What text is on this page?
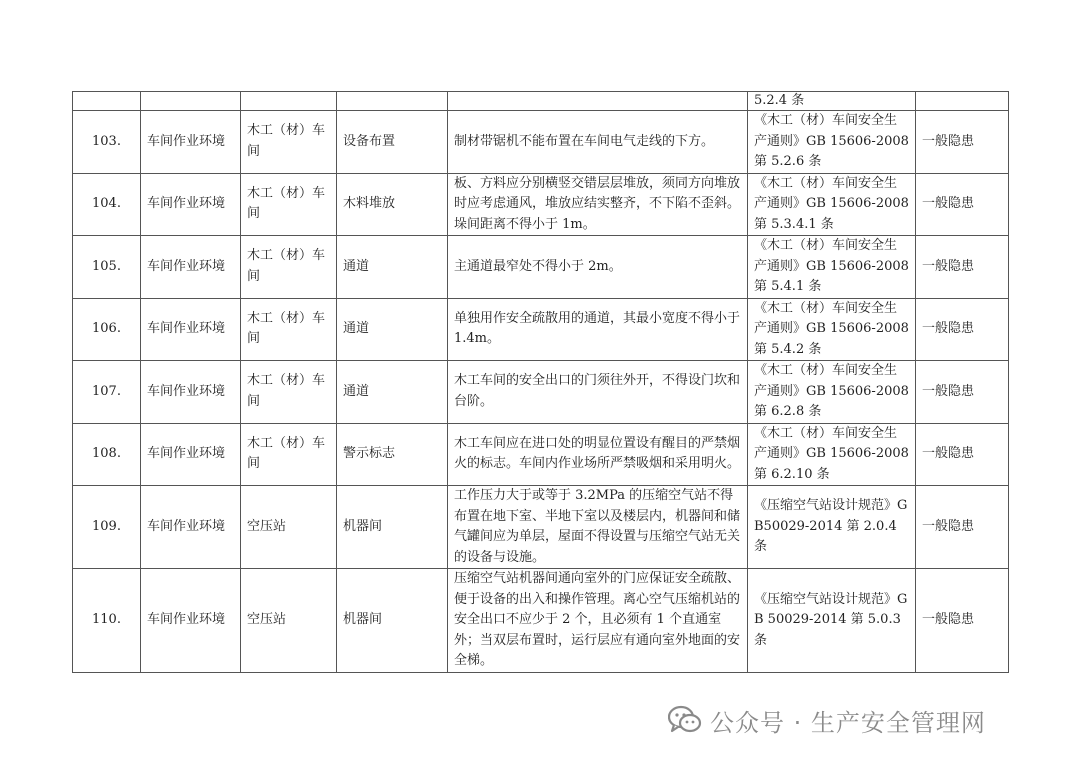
					5.2.4 条	
103.	车间作业环境	木工（材）车间	设备布置	制材带锯机不能布置在车间电气走线的下方。	《木工（材）车间安全生产通则》GB 15606-2008 第 5.2.6 条	一般隐患
104.	车间作业环境	木工（材）车间	木料堆放	板、方料应分别横竖交错层层堆放，须同方向堆放时应考虑通风，堆放应结实整齐，不下陷不歪斜。垛间距离不得小于 1m。	《木工（材）车间安全生产通则》GB 15606-2008 第 5.3.4.1 条	一般隐患
105.	车间作业环境	木工（材）车间	通道	主通道最窄处不得小于 2m。	《木工（材）车间安全生产通则》GB 15606-2008 第 5.4.1 条	一般隐患
106.	车间作业环境	木工（材）车间	通道	单独用作安全疏散用的通道，其最小宽度不得小于 1.4m。	《木工（材）车间安全生产通则》GB 15606-2008 第 5.4.2 条	一般隐患
107.	车间作业环境	木工（材）车间	通道	木工车间的安全出口的门须往外开，不得设门坎和台阶。	《木工（材）车间安全生产通则》GB 15606-2008 第 6.2.8 条	一般隐患
108.	车间作业环境	木工（材）车间	警示标志	木工车间应在进口处的明显位置设有醒目的严禁烟火的标志。车间内作业场所严禁吸烟和采用明火。	《木工（材）车间安全生产通则》GB 15606-2008 第 6.2.10 条	一般隐患
109.	车间作业环境	空压站	机器间	工作压力大于或等于 3.2MPa 的压缩空气站不得布置在地下室、半地下室以及楼层内，机器间和储气罐间应为单层，屋面不得设置与压缩空气站无关的设备与设施。	《压缩空气站设计规范》GB50029-2014 第 2.0.4 条	一般隐患
110.	车间作业环境	空压站	机器间	压缩空气站机器间通向室外的门应保证安全疏散、便于设备的出入和操作管理。离心空气压缩机站的安全出口不应少于 2 个，且必须有 1 个直通室外；当双层布置时，运行层应有通向室外地面的安全梯。	《压缩空气站设计规范》GB 50029-2014 第 5.0.3 条	一般隐患
公众号 · 生产安全管理网
